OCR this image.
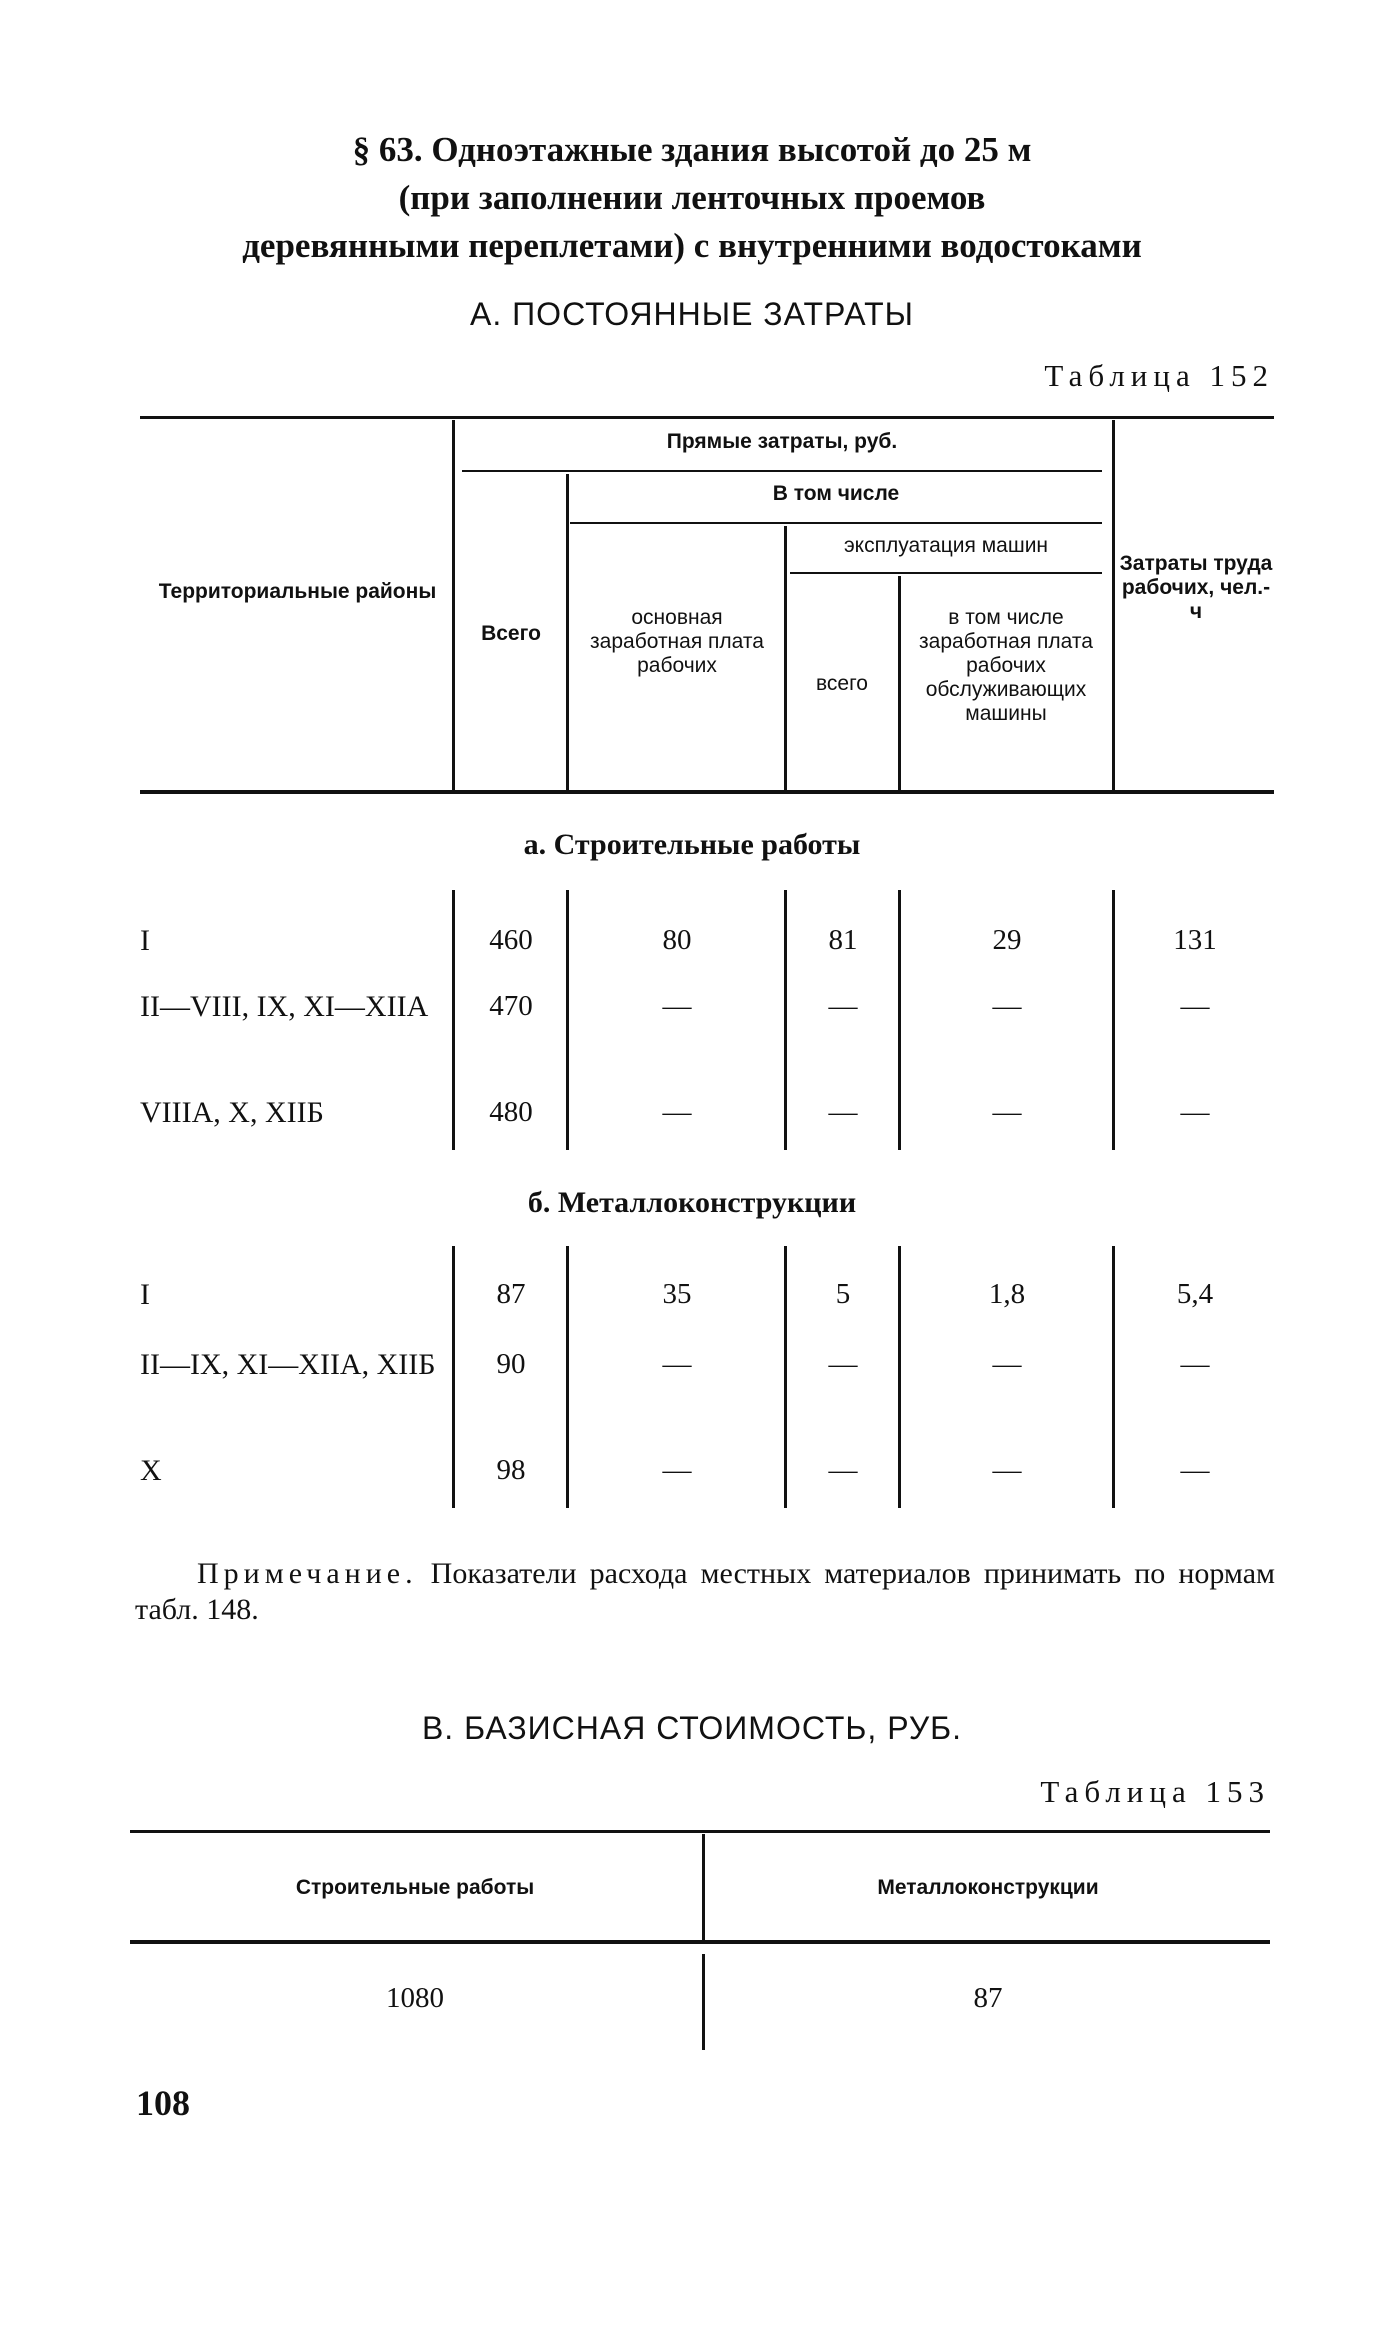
§ 63. Одноэтажные здания высотой до 25 м
(при заполнении ленточных проемов
деревянными переплетами) с внутренними водостоками
А. ПОСТОЯННЫЕ ЗАТРАТЫ
Таблица 152
Территориальные районы
Прямые затраты, руб.
В том числе
Всего
основная заработная плата рабочих
эксплуатация машин
всего
в том числе заработная плата рабочих обслуживающих машины
Затраты труда рабочих, чел.-ч
а. Строительные работы
I	460	80	81	29	131
II—VIII, IX, XI—XIIA	470	—	—	—	—
VIIIA, X, XIIБ	480	—	—	—	—
б. Металлоконструкции
I	87	35	5	1,8	5,4
II—IX, XI—XIIA, XIIБ	90	—	—	—	—
X	98	—	—	—	—
Примечание. Показатели расхода местных материалов принимать по нормам табл. 148.
В. БАЗИСНАЯ СТОИМОСТЬ, РУБ.
Таблица 153
Строительные работы	Металлоконструкции
1080	87
108
